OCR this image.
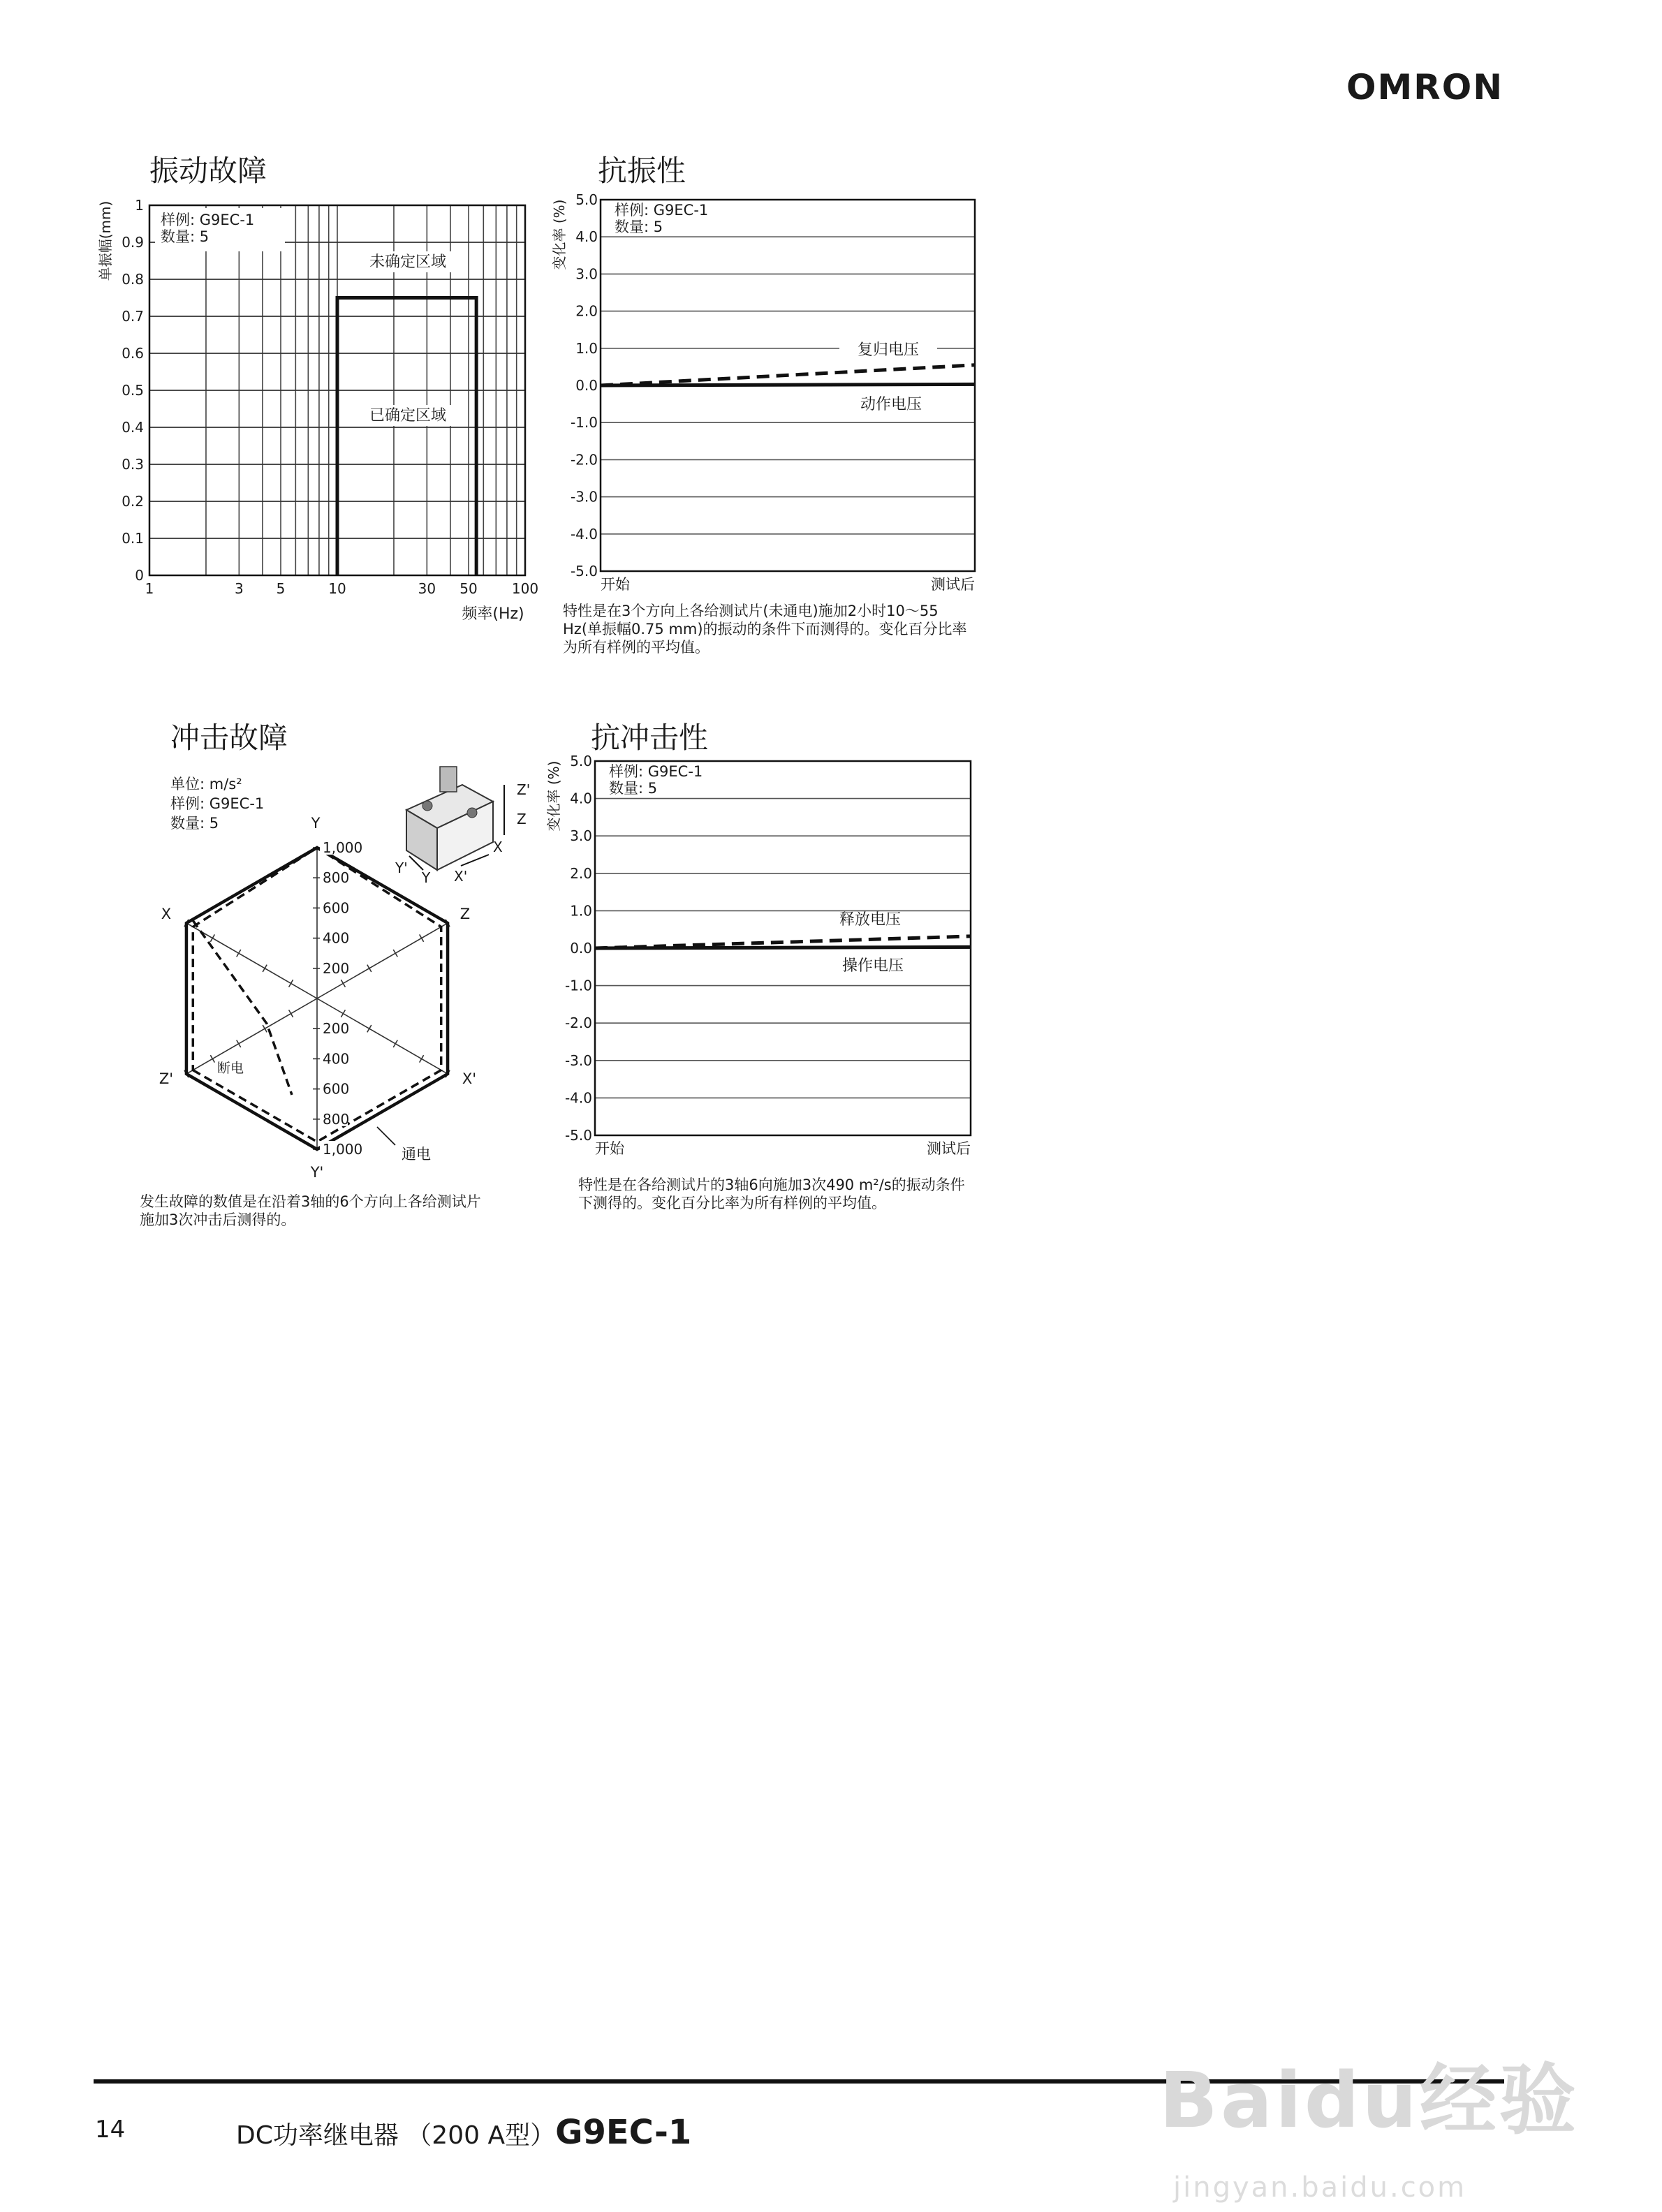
OMRON
振动故障	抗振性
冲击故障	抗冲击性
样例: G9EC-1
数量: 5
0
0.1
0.2
0.3
0.4
0.5
0.6
0.7
0.8
0.9
1
1	3 5	10	30 50 100
频率(Hz)
单振幅(mm)	未确定区域
已确定区域
-5.0
-4.0
-3.0
-2.0
-1.0
0.0
1.0
2.0
3.0
4.0
5.0
变化率 (%)	样例: G9EC-1
数量: 5
开始	测试后
复归电压
动作电压
X
Y
Z
X'
Y'
Z'
1,000
800
600
400
200
200
400
600
800
1,000
单位: m/s²
样例: G9EC-1
数量: 5
断电
通电
-5.0
-4.0
-3.0
-2.0
-1.0
0.0
1.0
2.0
3.0
4.0
5.0
变化率 (%)	样例: G9EC-1
数量: 5
开始	测试后
释放电压
操作电压
Z'
Z
X
X'
Y'
Y
特性是在3个方向上各给测试片(未通电)施加2小时10～55 Hz(单振幅0.75 mm)的振动的条件下而测得的。变化百分比率为所有样例的平均值。
发生故障的数值是在沿着3轴的6个方向上各给测试片施加3次冲击后测得的。
特性是在各给测试片的3轴6向施加3次490 m²/s的振动条件下测得的。变化百分比率为所有样例的平均值。
14	DC功率继电器 （200 A型）G9EC-1	Baidu经验
jingyan.baidu.com
